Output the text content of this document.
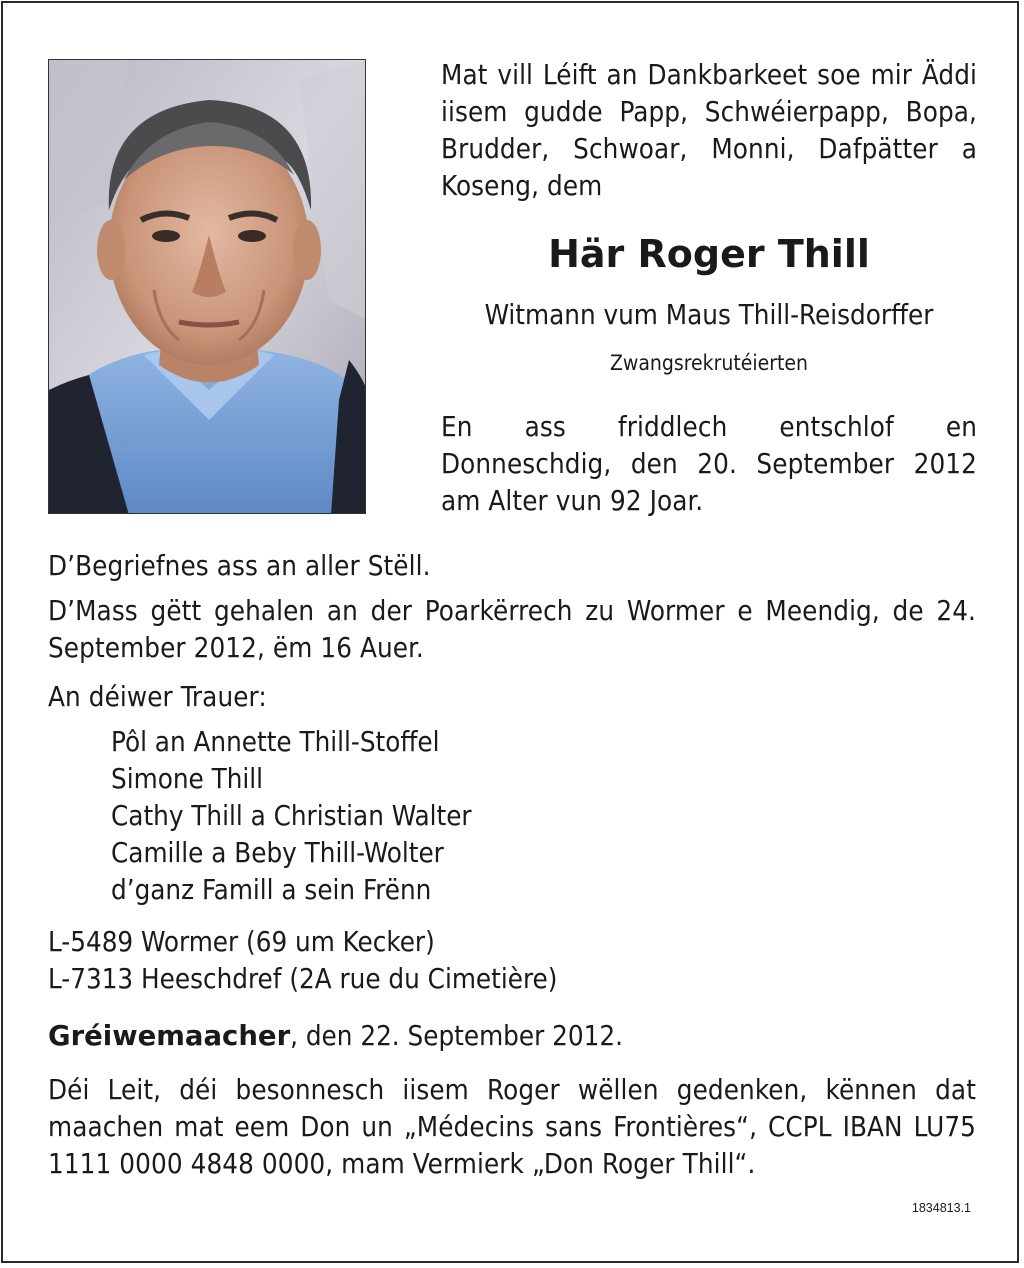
Mat vill Léift an Dankbarkeet soe mir Äddi iisem gudde Papp, Schwéierpapp, Bopa, Brudder, Schwoar, Monni, Dafpätter a Koseng, dem
Här Roger Thill
Witmann vum Maus Thill-Reisdorffer
Zwangsrekrutéierten
En ass friddlech entschlof en Donneschdig, den 20. September 2012 am Alter vun 92 Joar.
D’Begriefnes ass an aller Stëll.
D’Mass gëtt gehalen an der Poarkërrech zu Wormer e Meendig, de 24. September 2012, ëm 16 Auer.
An déiwer Trauer:
Pôl an Annette Thill-Stoffel
Simone Thill
Cathy Thill a Christian Walter
Camille a Beby Thill-Wolter
d’ganz Famill a sein Frënn
L-5489 Wormer (69 um Kecker)
L-7313 Heeschdref (2A rue du Cimetière)
Gréiwemaacher, den 22. September 2012.
Déi Leit, déi besonnesch iisem Roger wëllen gedenken, kënnen dat maachen mat eem Don un „Médecins sans Frontières“, CCPL IBAN LU75 1111 0000 4848 0000, mam Vermierk „Don Roger Thill“.
1834813.1
